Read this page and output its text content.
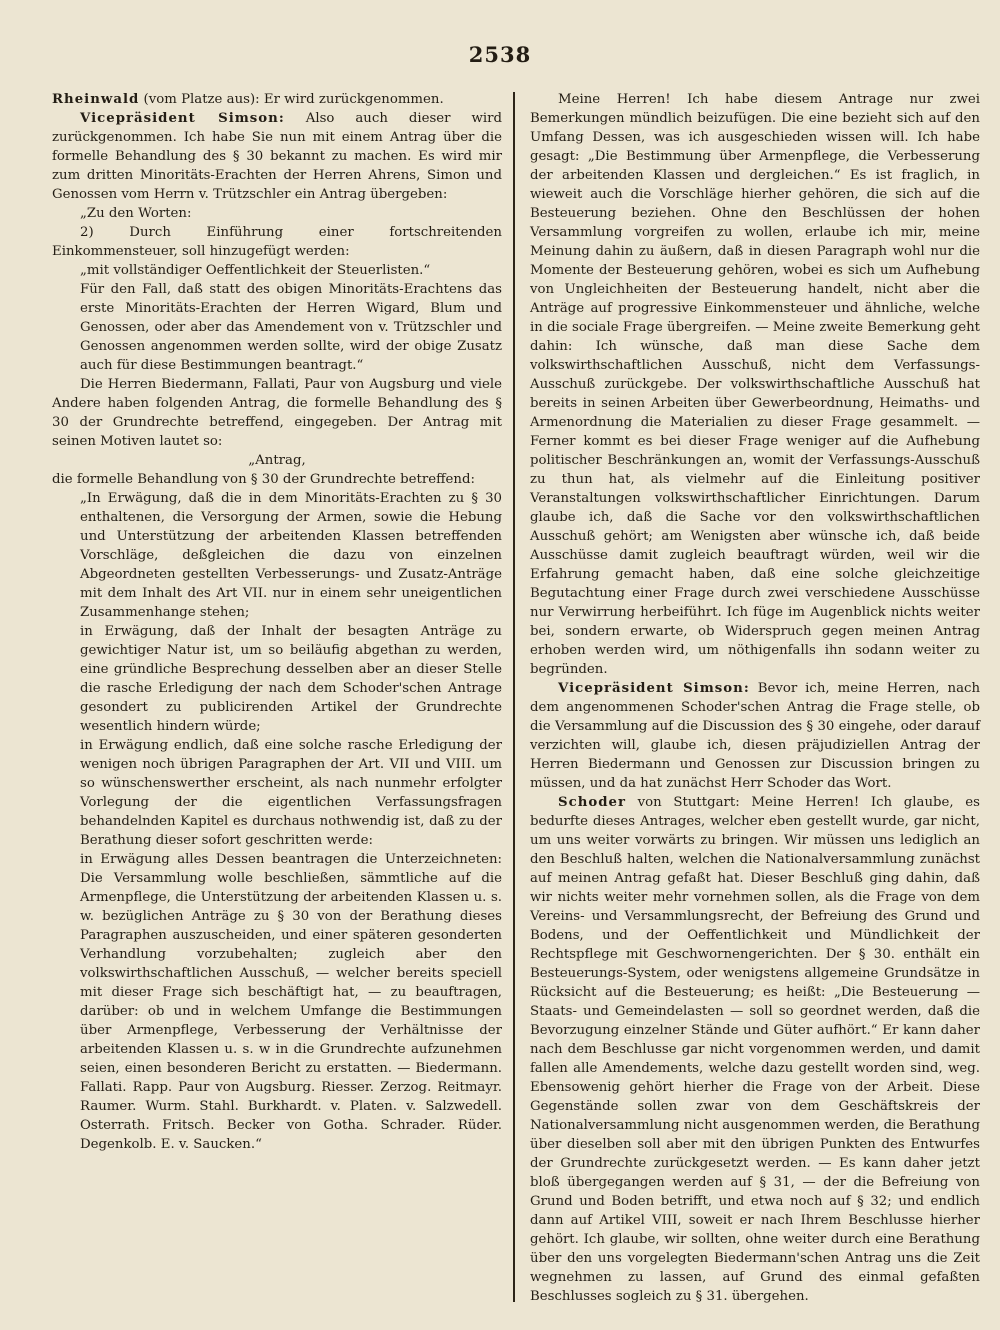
2538

Rheinwald (vom Platze aus): Er wird zurückgenommen.

Vicepräsident Simson: Also auch dieser wird zurückgenommen. Ich habe Sie nun mit einem Antrag über die formelle Behandlung des § 30 bekannt zu machen. Es wird mir zum dritten Minoritäts-Erachten der Herren Ahrens, Simon und Genossen vom Herrn v. Trützschler ein Antrag übergeben:

„Zu den Worten:

2) Durch Einführung einer fortschreitenden Einkommensteuer, soll hinzugefügt werden:

„mit vollständiger Oeffentlichkeit der Steuerlisten.“

Für den Fall, daß statt des obigen Minoritäts-Erachtens das erste Minoritäts-Erachten der Herren Wigard, Blum und Genossen, oder aber das Amendement von v. Trützschler und Genossen angenommen werden sollte, wird der obige Zusatz auch für diese Bestimmungen beantragt.“

Die Herren Biedermann, Fallati, Paur von Augsburg und viele Andere haben folgenden Antrag, die formelle Behandlung des § 30 der Grundrechte betreffend, eingegeben. Der Antrag mit seinen Motiven lautet so:

„Antrag,

die formelle Behandlung von § 30 der Grundrechte betreffend:

„In Erwägung, daß die in dem Minoritäts-Erachten zu § 30 enthaltenen, die Versorgung der Armen, sowie die Hebung und Unterstützung der arbeitenden Klassen betreffenden Vorschläge, deßgleichen die dazu von einzelnen Abgeordneten gestellten Verbesserungs- und Zusatz-Anträge mit dem Inhalt des Art VII. nur in einem sehr uneigentlichen Zusammenhange stehen;

in Erwägung, daß der Inhalt der besagten Anträge zu gewichtiger Natur ist, um so beiläufig abgethan zu werden, eine gründliche Besprechung desselben aber an dieser Stelle die rasche Erledigung der nach dem Schoder'schen Antrage gesondert zu publicirenden Artikel der Grundrechte wesentlich hindern würde;

in Erwägung endlich, daß eine solche rasche Erledigung der wenigen noch übrigen Paragraphen der Art. VII und VIII. um so wünschenswerther erscheint, als nach nunmehr erfolgter Vorlegung der die eigentlichen Verfassungsfragen behandelnden Kapitel es durchaus nothwendig ist, daß zu der Berathung dieser sofort geschritten werde:

in Erwägung alles Dessen beantragen die Unterzeichneten: Die Versammlung wolle beschließen, sämmtliche auf die Armenpflege, die Unterstützung der arbeitenden Klassen u. s. w. bezüglichen Anträge zu § 30 von der Berathung dieses Paragraphen auszuscheiden, und einer späteren gesonderten Verhandlung vorzubehalten; zugleich aber den volkswirthschaftlichen Ausschuß, — welcher bereits speciell mit dieser Frage sich beschäftigt hat, — zu beauftragen, darüber: ob und in welchem Umfange die Bestimmungen über Armenpflege, Verbesserung der Verhältnisse der arbeitenden Klassen u. s. w in die Grundrechte aufzunehmen seien, einen besonderen Bericht zu erstatten. — Biedermann. Fallati. Rapp. Paur von Augsburg. Riesser. Zerzog. Reitmayr. Raumer. Wurm. Stahl. Burkhardt. v. Platen. v. Salzwedell. Osterrath. Fritsch. Becker von Gotha. Schrader. Rüder. Degenkolb. E. v. Saucken.“

Meine Herren! Ich habe diesem Antrage nur zwei Bemerkungen mündlich beizufügen. Die eine bezieht sich auf den Umfang Dessen, was ich ausgeschieden wissen will. Ich habe gesagt: „Die Bestimmung über Armenpflege, die Verbesserung der arbeitenden Klassen und dergleichen.“ Es ist fraglich, in wieweit auch die Vorschläge hierher gehören, die sich auf die Besteuerung beziehen. Ohne den Beschlüssen der hohen Versammlung vorgreifen zu wollen, erlaube ich mir, meine Meinung dahin zu äußern, daß in diesen Paragraph wohl nur die Momente der Besteuerung gehören, wobei es sich um Aufhebung von Ungleichheiten der Besteuerung handelt, nicht aber die Anträge auf progressive Einkommensteuer und ähnliche, welche in die sociale Frage übergreifen. — Meine zweite Bemerkung geht dahin: Ich wünsche, daß man diese Sache dem volkswirthschaftlichen Ausschuß, nicht dem Verfassungs-Ausschuß zurückgebe. Der volkswirthschaftliche Ausschuß hat bereits in seinen Arbeiten über Gewerbeordnung, Heimaths- und Armenordnung die Materialien zu dieser Frage gesammelt. — Ferner kommt es bei dieser Frage weniger auf die Aufhebung politischer Beschränkungen an, womit der Verfassungs-Ausschuß zu thun hat, als vielmehr auf die Einleitung positiver Veranstaltungen volkswirthschaftlicher Einrichtungen. Darum glaube ich, daß die Sache vor den volkswirthschaftlichen Ausschuß gehört; am Wenigsten aber wünsche ich, daß beide Ausschüsse damit zugleich beauftragt würden, weil wir die Erfahrung gemacht haben, daß eine solche gleichzeitige Begutachtung einer Frage durch zwei verschiedene Ausschüsse nur Verwirrung herbeiführt. Ich füge im Augenblick nichts weiter bei, sondern erwarte, ob Widerspruch gegen meinen Antrag erhoben werden wird, um nöthigenfalls ihn sodann weiter zu begründen.

Vicepräsident Simson: Bevor ich, meine Herren, nach dem angenommenen Schoder'schen Antrag die Frage stelle, ob die Versammlung auf die Discussion des § 30 eingehe, oder darauf verzichten will, glaube ich, diesen präjudiziellen Antrag der Herren Biedermann und Genossen zur Discussion bringen zu müssen, und da hat zunächst Herr Schoder das Wort.

Schoder von Stuttgart: Meine Herren! Ich glaube, es bedurfte dieses Antrages, welcher eben gestellt wurde, gar nicht, um uns weiter vorwärts zu bringen. Wir müssen uns lediglich an den Beschluß halten, welchen die Nationalversammlung zunächst auf meinen Antrag gefaßt hat. Dieser Beschluß ging dahin, daß wir nichts weiter mehr vornehmen sollen, als die Frage von dem Vereins- und Versammlungsrecht, der Befreiung des Grund und Bodens, und der Oeffentlichkeit und Mündlichkeit der Rechtspflege mit Geschwornengerichten. Der § 30. enthält ein Besteuerungs-System, oder wenigstens allgemeine Grundsätze in Rücksicht auf die Besteuerung; es heißt: „Die Besteuerung — Staats- und Gemeindelasten — soll so geordnet werden, daß die Bevorzugung einzelner Stände und Güter aufhört.“ Er kann daher nach dem Beschlusse gar nicht vorgenommen werden, und damit fallen alle Amendements, welche dazu gestellt worden sind, weg. Ebensowenig gehört hierher die Frage von der Arbeit. Diese Gegenstände sollen zwar von dem Geschäftskreis der Nationalversammlung nicht ausgenommen werden, die Berathung über dieselben soll aber mit den übrigen Punkten des Entwurfes der Grundrechte zurückgesetzt werden. — Es kann daher jetzt bloß übergegangen werden auf § 31, — der die Befreiung von Grund und Boden betrifft, und etwa noch auf § 32; und endlich dann auf Artikel VIII, soweit er nach Ihrem Beschlusse hierher gehört. Ich glaube, wir sollten, ohne weiter durch eine Berathung über den uns vorgelegten Biedermann'schen Antrag uns die Zeit wegnehmen zu lassen, auf Grund des einmal gefaßten Beschlusses sogleich zu § 31. übergehen.
